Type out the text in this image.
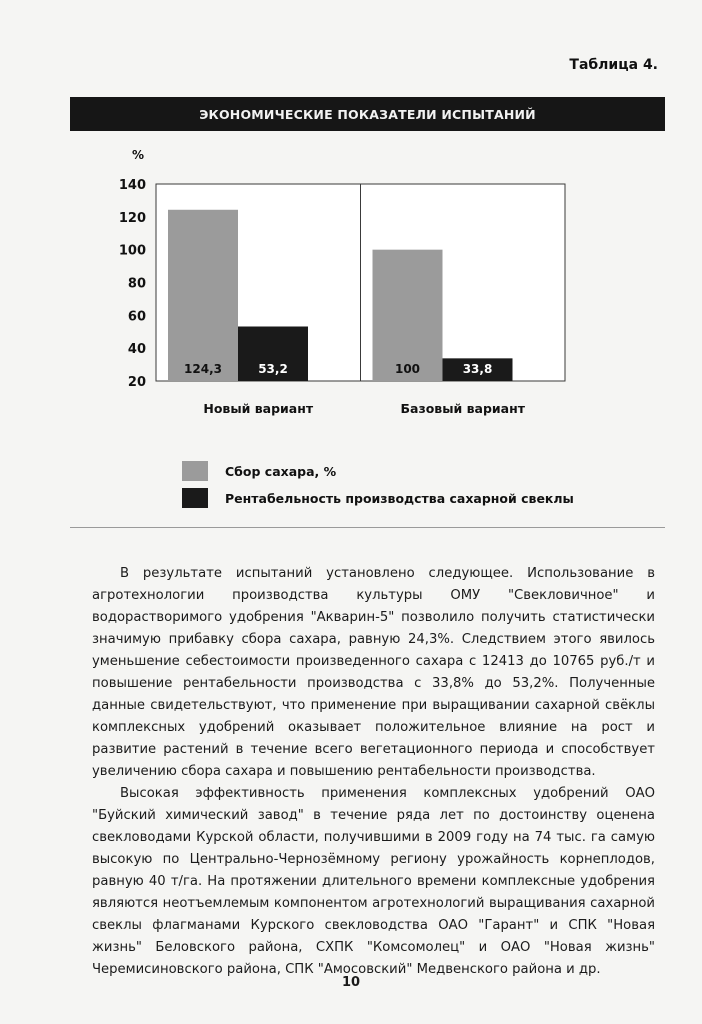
Таблица 4.
ЭКОНОМИЧЕСКИЕ ПОКАЗАТЕЛИ ИСПЫТАНИЙ
%
20
40
60
80
100
120
140
124,3	53,2
Новый вариант
100	33,8
Базовый вариант
Сбор сахара, %
Рентабельность производства сахарной свеклы

В результате испытаний установлено следующее. Использование в агротехнологии производства культуры ОМУ "Свекловичное" и водорастворимого удобрения "Акварин-5" позволило получить статистически значимую прибавку сбора сахара, равную 24,3%. Следствием этого явилось уменьшение себестоимости произведенного сахара с 12413 до 10765 руб./т и повышение рентабельности производства с 33,8% до 53,2%. Полученные данные свидетельствуют, что применение при выращивании сахарной свёклы комплексных удобрений оказывает положительное влияние на рост и развитие растений в течение всего вегетационного периода и способствует увеличению сбора сахара и повышению рентабельности производства.

Высокая эффективность применения комплексных удобрений ОАО "Буйский химический завод" в течение ряда лет по достоинству оценена свекловодами Курской области, получившими в 2009 году на 74 тыс. га самую высокую по Центрально-Чернозёмному региону урожайность корнеплодов, равную 40 т/га. На протяжении длительного времени комплексные удобрения являются неотъемлемым компонентом агротехнологий выращивания сахарной свеклы флагманами Курского свекловодства ОАО "Гарант" и СПК "Новая жизнь" Беловского района, СХПК "Комсомолец" и ОАО "Новая жизнь" Черемисиновского района, СПК "Амосовский" Медвенского района и др.

10
